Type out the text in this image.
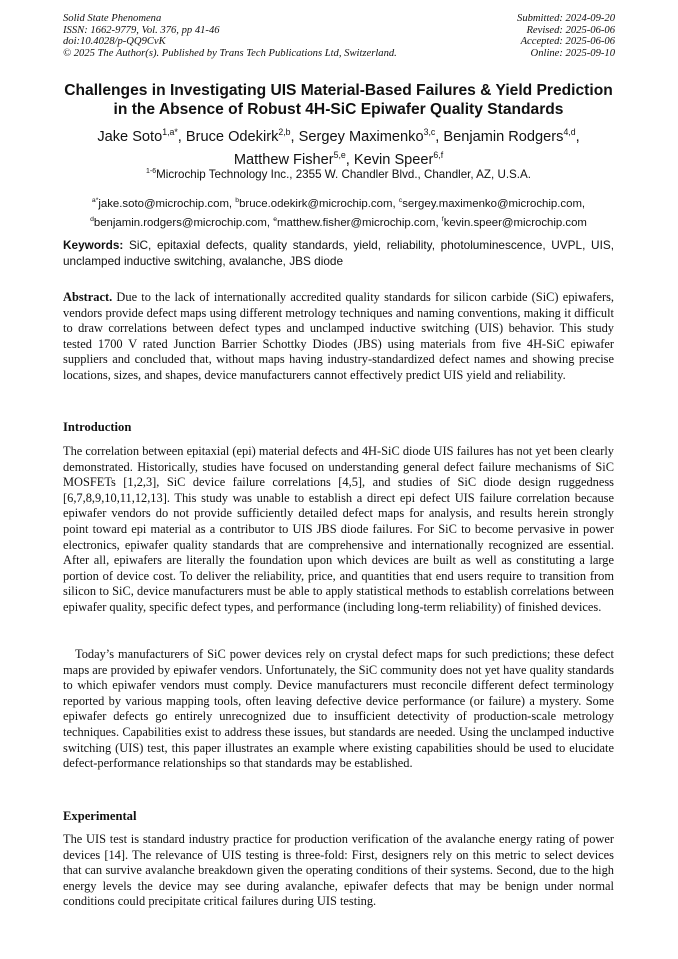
Solid State Phenomena
ISSN: 1662-9779, Vol. 376, pp 41-46
doi:10.4028/p-QQ9CvK
© 2025 The Author(s). Published by Trans Tech Publications Ltd, Switzerland.
Submitted: 2024-09-20
Revised: 2025-06-06
Accepted: 2025-06-06
Online: 2025-09-10
Challenges in Investigating UIS Material-Based Failures & Yield Prediction in the Absence of Robust 4H-SiC Epiwafer Quality Standards
Jake Soto$^{1,a*}$, Bruce Odekirk$^{2,b}$, Sergey Maximenko$^{3,c}$, Benjamin Rodgers$^{4,d}$,
Matthew Fisher$^{5,e}$, Kevin Speer$^{6,f}$
$^{1-6}$Microchip Technology Inc., 2355 W. Chandler Blvd., Chandler, AZ, U.S.A.
$^{a*}$jake.soto@microchip.com, $^b$bruce.odekirk@microchip.com, $^c$sergey.maximenko@microchip.com,
$^d$benjamin.rodgers@microchip.com, $^e$matthew.fisher@microchip.com, $^f$kevin.speer@microchip.com
Keywords: SiC, epitaxial defects, quality standards, yield, reliability, photoluminescence, UVPL, UIS, unclamped inductive switching, avalanche, JBS diode

Abstract. Due to the lack of internationally accredited quality standards for silicon carbide (SiC) epiwafers, vendors provide defect maps using different metrology techniques and naming conventions, making it difficult to draw correlations between defect types and unclamped inductive switching (UIS) behavior. This study tested 1700 V rated Junction Barrier Schottky Diodes (JBS) using materials from five 4H-SiC epiwafer suppliers and concluded that, without maps having industry-standardized defect names and showing precise locations, sizes, and shapes, device manufacturers cannot effectively predict UIS yield and reliability.

Introduction

The correlation between epitaxial (epi) material defects and 4H-SiC diode UIS failures has not yet been clearly demonstrated. Historically, studies have focused on understanding general defect failure mechanisms of SiC MOSFETs [1,2,3], SiC device failure correlations [4,5], and studies of SiC diode design ruggedness [6,7,8,9,10,11,12,13]. This study was unable to establish a direct epi defect UIS failure correlation because epiwafer vendors do not provide sufficiently detailed defect maps for analysis, and results herein strongly point toward epi material as a contributor to UIS JBS diode failures. For SiC to become pervasive in power electronics, epiwafer quality standards that are comprehensive and internationally recognized are essential. After all, epiwafers are literally the foundation upon which devices are built as well as constituting a large portion of device cost. To deliver the reliability, price, and quantities that end users require to transition from silicon to SiC, device manufacturers must be able to apply statistical methods to establish correlations between epiwafer quality, specific defect types, and performance (including long-term reliability) of finished devices.

Today’s manufacturers of SiC power devices rely on crystal defect maps for such predictions; these defect maps are provided by epiwafer vendors. Unfortunately, the SiC community does not yet have quality standards to which epiwafer vendors must comply. Device manufacturers must reconcile different defect terminology reported by various mapping tools, often leaving defective device performance (or failure) a mystery. Some epiwafer defects go entirely unrecognized due to insufficient detectivity of production-scale metrology techniques. Capabilities exist to address these issues, but standards are needed. Using the unclamped inductive switching (UIS) test, this paper illustrates an example where existing capabilities should be used to elucidate defect-performance relationships so that standards may be established.

Experimental

The UIS test is standard industry practice for production verification of the avalanche energy rating of power devices [14]. The relevance of UIS testing is three-fold: First, designers rely on this metric to select devices that can survive avalanche breakdown given the operating conditions of their systems. Second, due to the high energy levels the device may see during avalanche, epiwafer defects that may be benign under normal conditions could precipitate critical failures during UIS testing.
